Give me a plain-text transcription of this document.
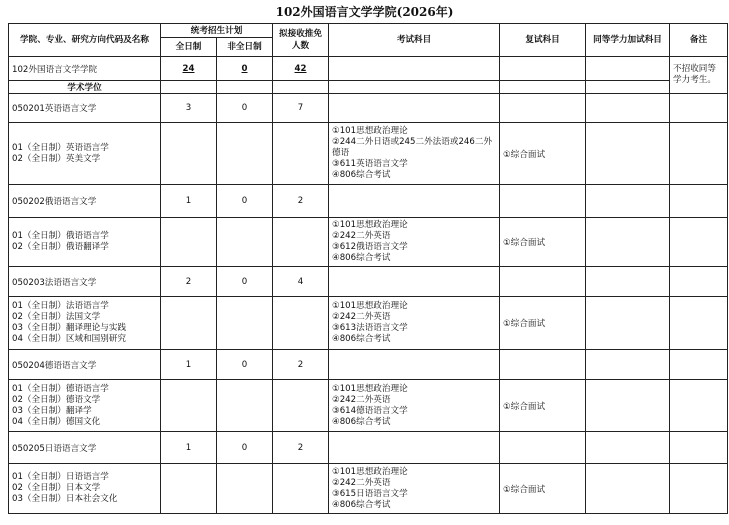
102外国语言文学学院(2026年)
学院、专业、研究方向代码及名称	统考招生计划		拟接收推免人数	考试科目	复试科目	同等学力加试科目	备注
	全日制	非全日制					
102外国语言文学学院	24	0	42				不招收同等学力考生。
学术学位							
050201英语语言文学	3	0	7				

01（全日制）英语语言学
02（全日制）英美文学				①101思想政治理论
②244二外日语或245二外法语或246二外德语
③611英语语言文学
④806综合考试	①综合面试		
050202俄语语言文学	1	0	2				

01（全日制）俄语语言学
02（全日制）俄语翻译学				①101思想政治理论
②242二外英语
③612俄语语言文学
④806综合考试	①综合面试		
050203法语语言文学	2	0	4				

01（全日制）法语语言学
02（全日制）法国文学
03（全日制）翻译理论与实践
04（全日制）区域和国别研究				①101思想政治理论
②242二外英语
③613法语语言文学
④806综合考试	①综合面试		
050204德语语言文学	1	0	2				

01（全日制）德语语言学
02（全日制）德语文学
03（全日制）翻译学
04（全日制）德国文化				①101思想政治理论
②242二外英语
③614德语语言文学
④806综合考试	①综合面试		
050205日语语言文学	1	0	2				

01（全日制）日语语言学
02（全日制）日本文学
03（全日制）日本社会文化				①101思想政治理论
②242二外英语
③615日语语言文学
④806综合考试	①综合面试		
